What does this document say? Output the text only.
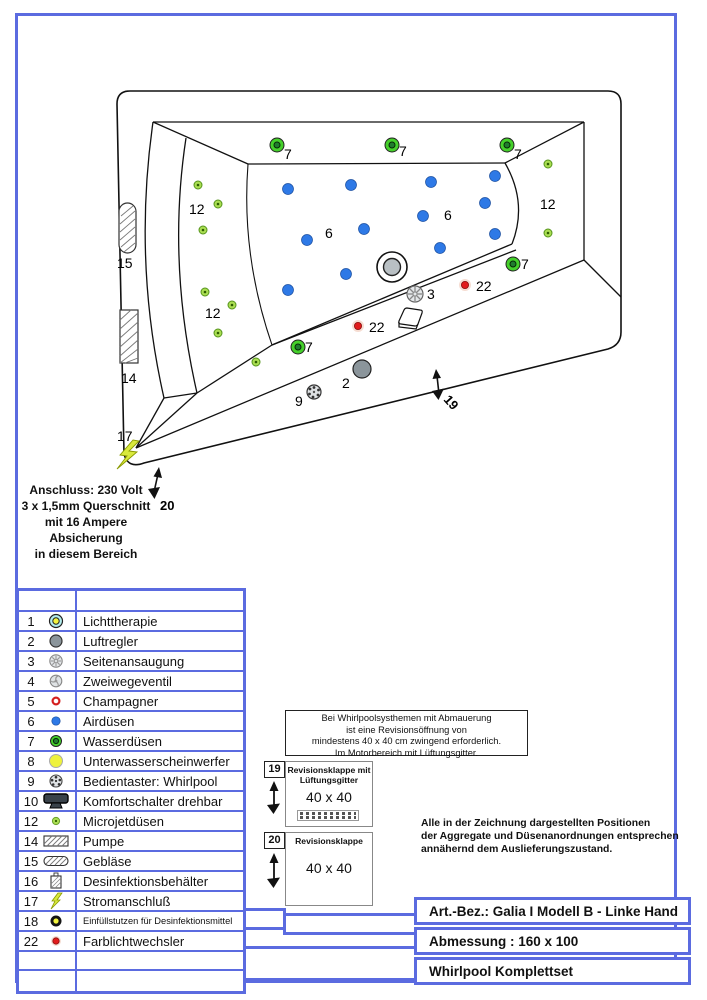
7	7	7
7
7
12
12
12
6
6
15
14
17
2
3
9
22
22
19
20
Anschluss: 230 Volt
3 x 1,5mm Querschnitt
mit 16 Ampere
Absicherung
in diesem Bereich

1	Lichttherapie

2	Luftregler

3	Seitenansaugung

4	Zweiwegeventil

5	Champagner

6	Airdüsen

7	Wasserdüsen

8	Unterwasserscheinwerfer

9	Bedientaster: Whirlpool

10	Komfortschalter drehbar

12	Microjetdüsen

14	Pumpe

15	Gebläse

16	Desinfektionsbehälter

17	Stromanschluß

18	Einfüllstutzen für Desinfektionsmittel

22	Farblichtwechsler

Bei Whirlpoolsysthemen mit Abmauerung
ist eine Revisionsöffnung von
mindestens 40 x 40 cm zwingend erforderlich.
Im Motorbereich mit Lüftungsgitter.
19 Revisionsklappe mit
Lüftungsgitter
40 x 40
20	Revisionsklappe
40 x 40
Alle in der Zeichnung dargestellten Positionen
der Aggregate und Düsenanordnungen entsprechen
annähernd dem Auslieferungszustand.
Art.-Bez.: Galia I Modell B - Linke Hand
Abmessung : 160 x 100
Whirlpool Komplettset
